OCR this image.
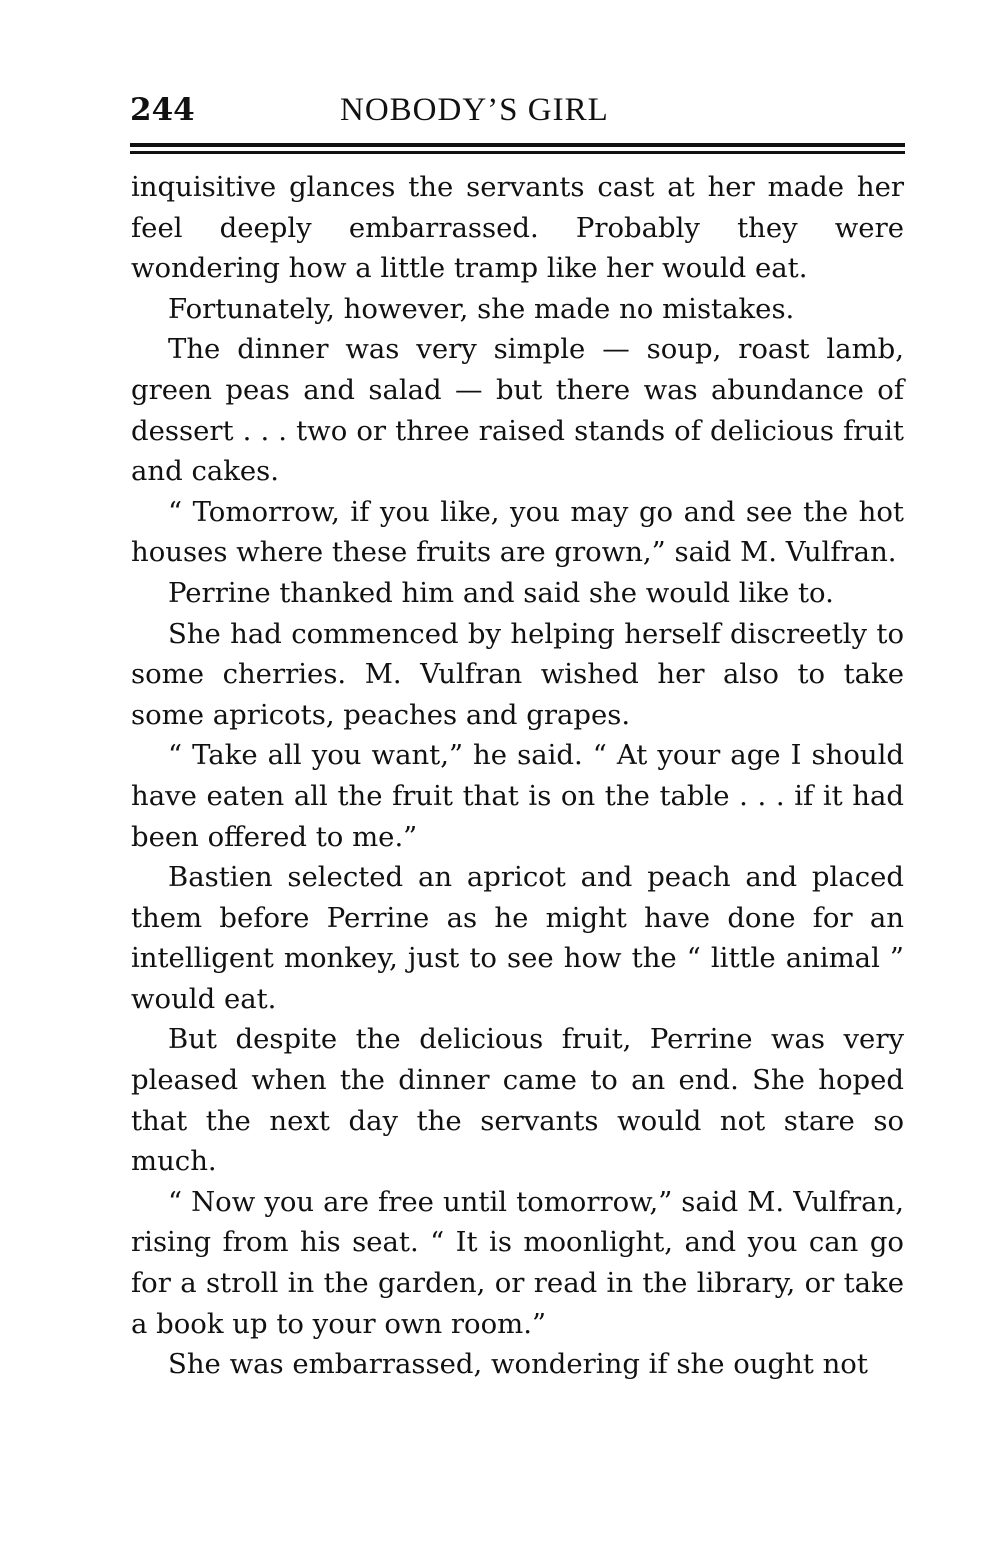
244	NOBODY’S GIRL

inquisitive glances the servants cast at her made her feel deeply embarrassed. Probably they were wondering how a little tramp like her would eat.

Fortunately, however, she made no mistakes.

The dinner was very simple — soup, roast lamb, green peas and salad — but there was abundance of dessert . . . two or three raised stands of delicious fruit and cakes.

“ Tomorrow, if you like, you may go and see the hot houses where these fruits are grown,” said M. Vulfran.

Perrine thanked him and said she would like to.

She had commenced by helping herself discreetly to some cherries. M. Vulfran wished her also to take some apricots, peaches and grapes.

“ Take all you want,” he said. “ At your age I should have eaten all the fruit that is on the table . . . if it had been offered to me.”

Bastien selected an apricot and peach and placed them before Perrine as he might have done for an intelligent monkey, just to see how the “ little animal ” would eat.

But despite the delicious fruit, Perrine was very pleased when the dinner came to an end. She hoped that the next day the servants would not stare so much.

“ Now you are free until tomorrow,” said M. Vulfran, rising from his seat. “ It is moonlight, and you can go for a stroll in the garden, or read in the library, or take a book up to your own room.”

She was embarrassed, wondering if she ought not
